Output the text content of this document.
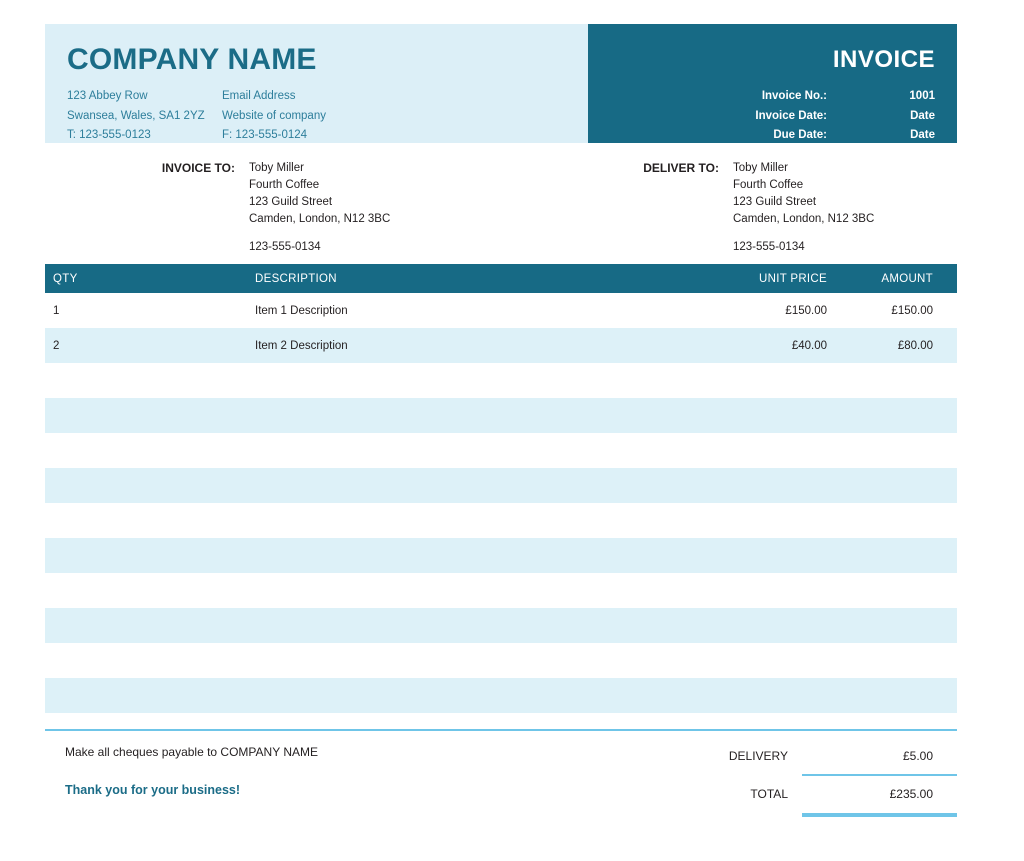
COMPANY NAME
123 Abbey Row
Swansea, Wales, SA1 2YZ
T: 123-555-0123
Email Address
Website of company
F: 123-555-0124
INVOICE
Invoice No.:	1001
Invoice Date:	Date
Due Date:	Date
INVOICE TO:	Toby Miller
Fourth Coffee
123 Guild Street
Camden, London, N12 3BC
123-555-0134
DELIVER TO:	Toby Miller
Fourth Coffee
123 Guild Street
Camden, London, N12 3BC
123-555-0134
QTY	DESCRIPTION	UNIT PRICE	AMOUNT
1	Item 1 Description	£150.00	£150.00
2	Item 2 Description	£40.00	£80.00
Make all cheques payable to COMPANY NAME
Thank you for your business!
DELIVERY	£5.00
TOTAL	£235.00
